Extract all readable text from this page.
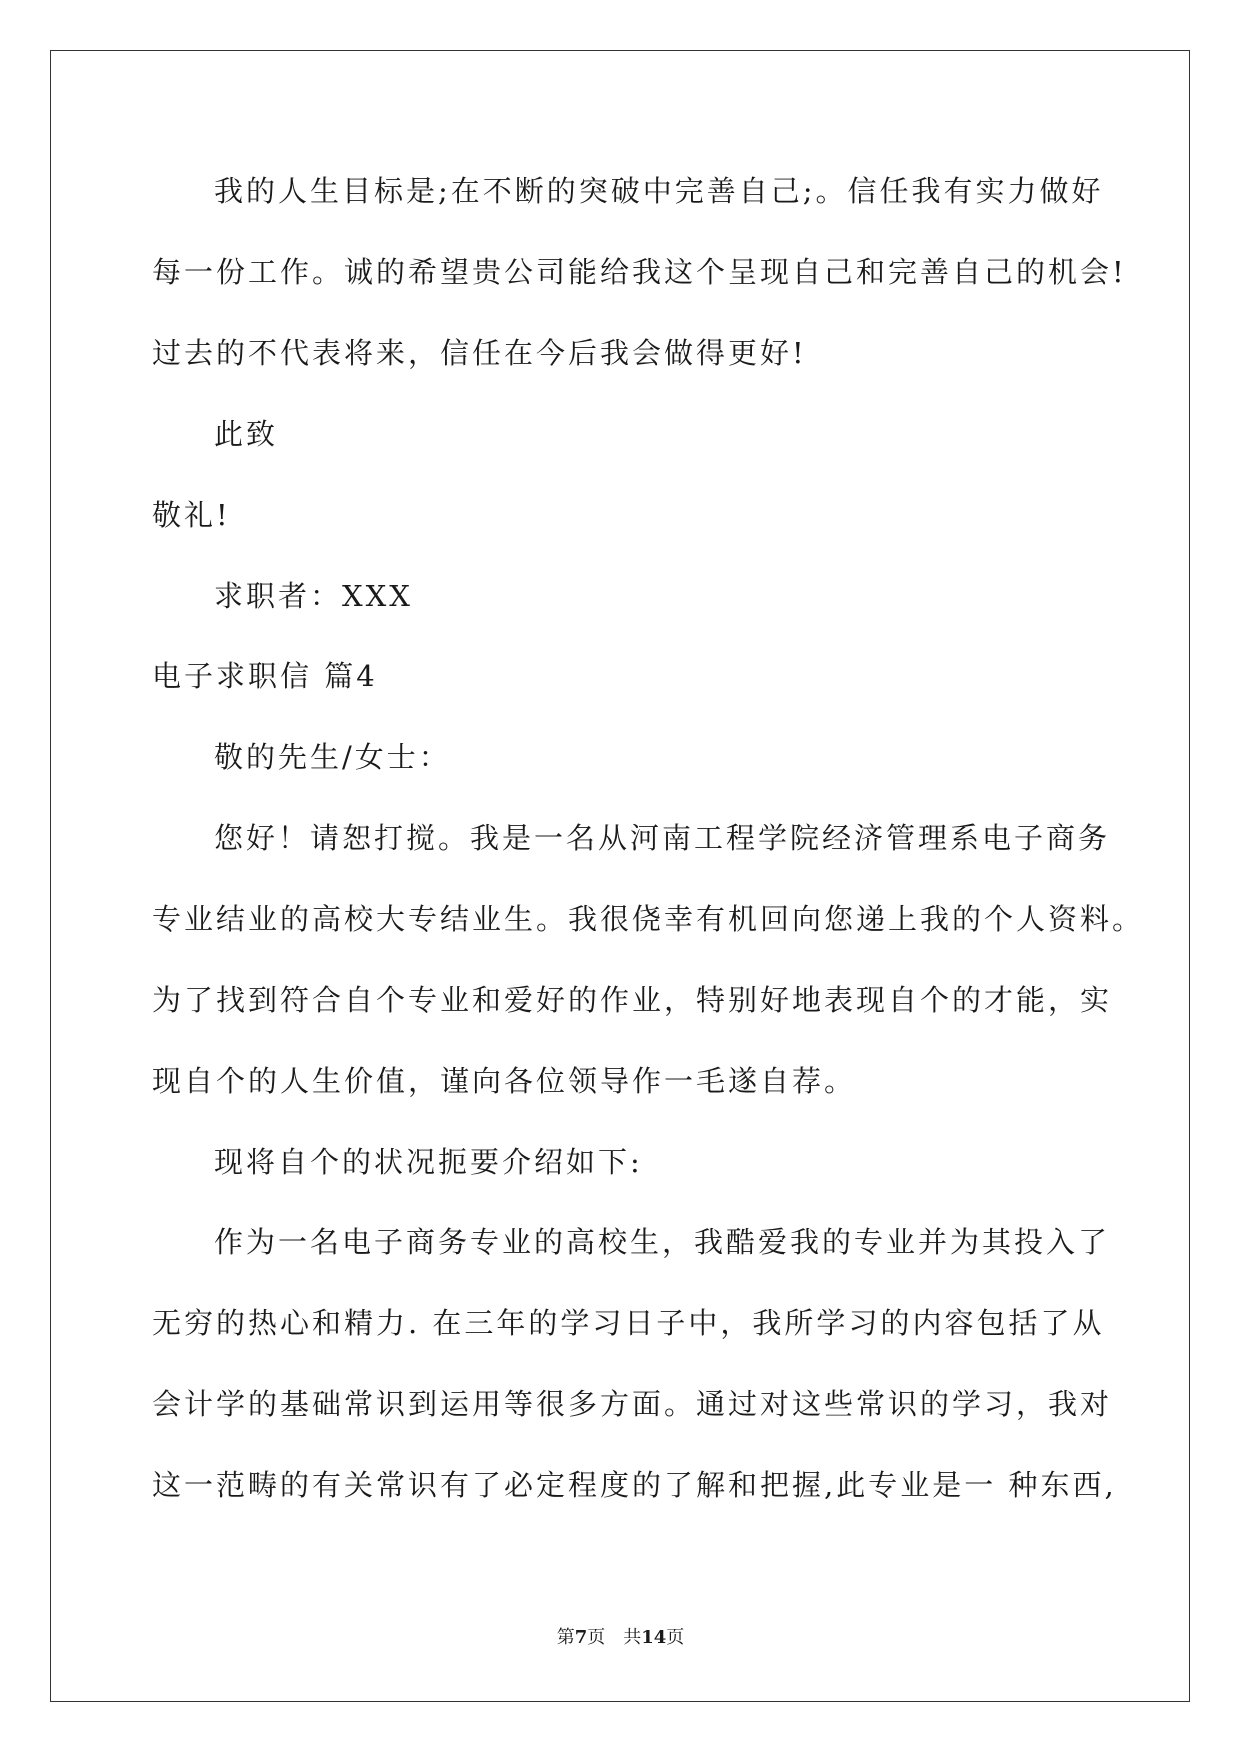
我的人生目标是;在不断的突破中完善自己;。信任我有实力做好
每一份工作。诚的希望贵公司能给我这个呈现自己和完善自己的机会!
过去的不代表将来，信任在今后我会做得更好!
此致
敬礼!
求职者：XXX
电子求职信 篇4
敬的先生/女士：
您好！请恕打搅。我是一名从河南工程学院经济管理系电子商务
专业结业的高校大专结业生。我很侥幸有机回向您递上我的个人资料。
为了找到符合自个专业和爱好的作业，特别好地表现自个的才能，实
现自个的人生价值，谨向各位领导作一毛遂自荐。
现将自个的状况扼要介绍如下:
作为一名电子商务专业的高校生，我酷爱我的专业并为其投入了
无穷的热心和精力. 在三年的学习日子中，我所学习的内容包括了从
会计学的基础常识到运用等很多方面。通过对这些常识的学习，我对
这一范畴的有关常识有了必定程度的了解和把握,此专业是一 种东西,
第7页　共14页
